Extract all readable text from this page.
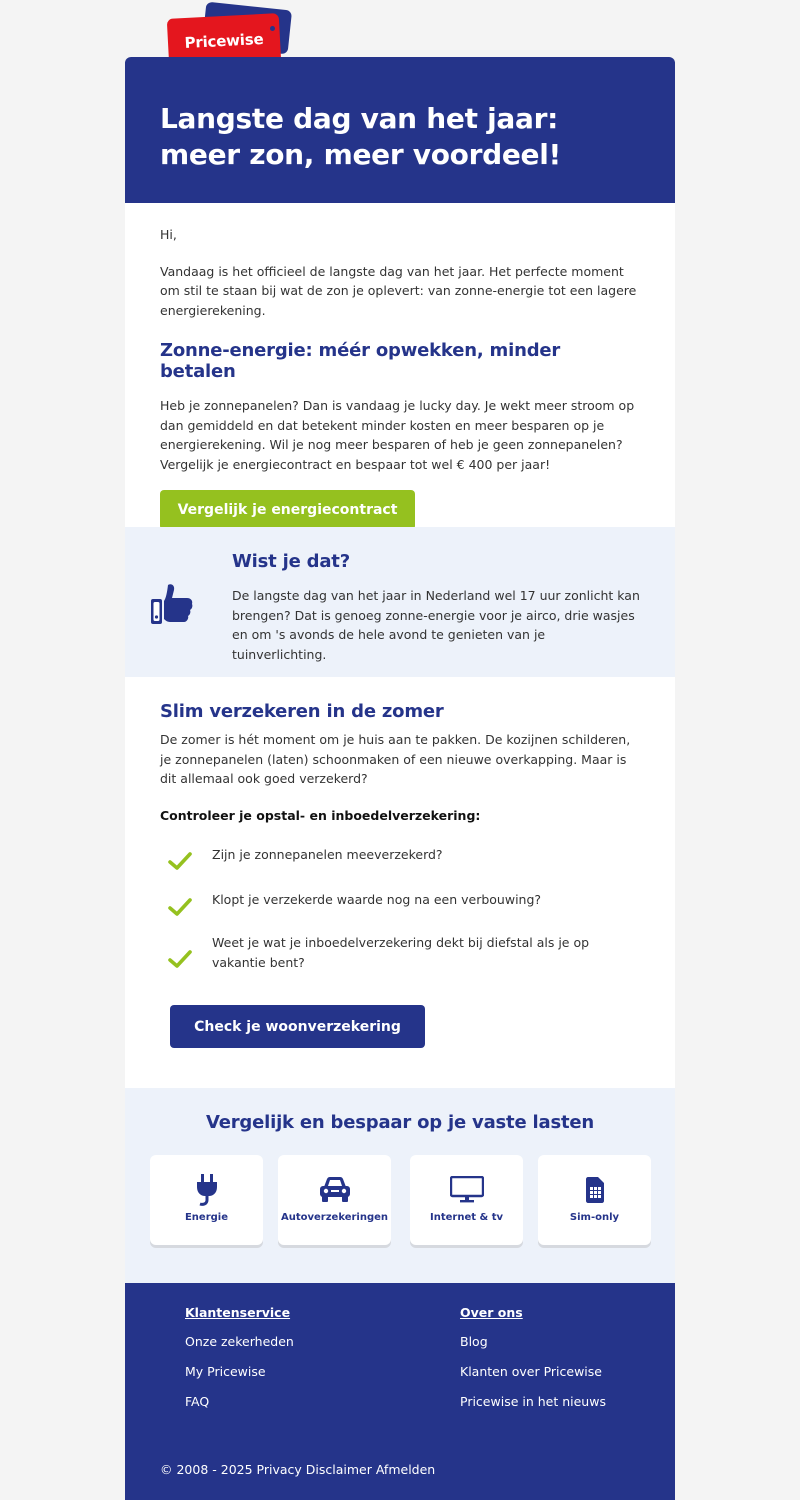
Pricewise
Langste dag van het jaar: meer zon, meer voordeel!

Hi,

Vandaag is het officieel de langste dag van het jaar. Het perfecte moment om stil te staan bij wat de zon je oplevert: van zonne-energie tot een lagere energierekening.

Zonne-energie: méér opwekken, minder betalen

Heb je zonnepanelen? Dan is vandaag je lucky day. Je wekt meer stroom op dan gemiddeld en dat betekent minder kosten en meer besparen op je energierekening. Wil je nog meer besparen of heb je geen zonnepanelen? Vergelijk je energiecontract en bespaar tot wel € 400 per jaar!

Vergelijk je energiecontract
Wist je dat?

De langste dag van het jaar in Nederland wel 17 uur zonlicht kan brengen? Dat is genoeg zonne-energie voor je airco, drie wasjes en om 's avonds de hele avond te genieten van je tuinverlichting.

Slim verzekeren in de zomer

De zomer is hét moment om je huis aan te pakken. De kozijnen schilderen, je zonnepanelen (laten) schoonmaken of een nieuwe overkapping. Maar is dit allemaal ook goed verzekerd?

Controleer je opstal- en inboedelverzekering:

Zijn je zonnepanelen meeverzekerd?

Klopt je verzekerde waarde nog na een verbouwing?

Weet je wat je inboedelverzekering dekt bij diefstal als je op vakantie bent?

Check je woonverzekering
Vergelijk en bespaar op je vaste lasten
Energie	Autoverzekeringen	Internet & tv	Sim-only
Klantenservice
Onze zekerheden
My Pricewise
FAQ
Over ons
Blog
Klanten over Pricewise
Pricewise in het nieuws
© 2008 - 2025 Privacy Disclaimer Afmelden
